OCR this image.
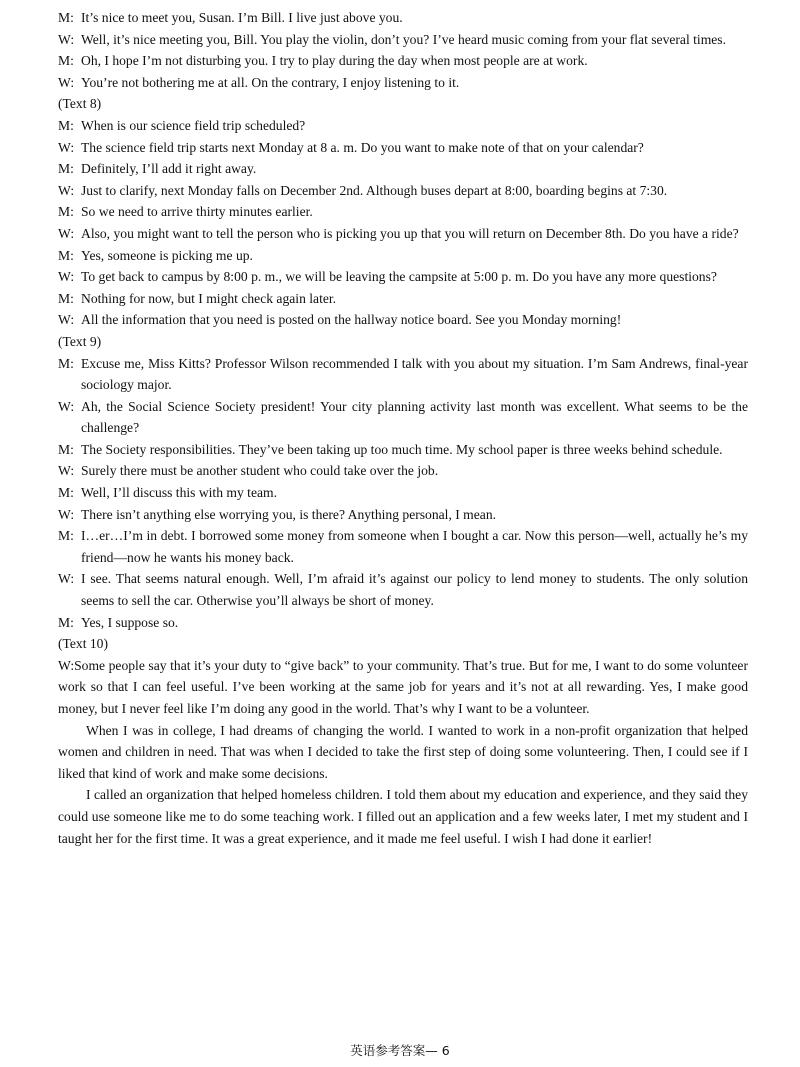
M: It’s nice to meet you, Susan. I’m Bill. I live just above you.
W: Well, it’s nice meeting you, Bill. You play the violin, don’t you? I’ve heard music coming from your flat several times.
M: Oh, I hope I’m not disturbing you. I try to play during the day when most people are at work.
W: You’re not bothering me at all. On the contrary, I enjoy listening to it.

(Text 8)

M: When is our science field trip scheduled?
W: The science field trip starts next Monday at 8 a. m. Do you want to make note of that on your calendar?
M: Definitely, I’ll add it right away.
W: Just to clarify, next Monday falls on December 2nd. Although buses depart at 8:00, boarding begins at 7:30.
M: So we need to arrive thirty minutes earlier.
W: Also, you might want to tell the person who is picking you up that you will return on December 8th. Do you have a ride?
M: Yes, someone is picking me up.
W: To get back to campus by 8:00 p. m., we will be leaving the campsite at 5:00 p. m. Do you have any more questions?
M: Nothing for now, but I might check again later.
W: All the information that you need is posted on the hallway notice board. See you Monday morning!

(Text 9)

M: Excuse me, Miss Kitts? Professor Wilson recommended I talk with you about my situation. I’m Sam Andrews, final-year sociology major.
W: Ah, the Social Science Society president! Your city planning activity last month was excellent. What seems to be the challenge?
M: The Society responsibilities. They’ve been taking up too much time. My school paper is three weeks behind schedule.
W: Surely there must be another student who could take over the job.
M: Well, I’ll discuss this with my team.
W: There isn’t anything else worrying you, is there? Anything personal, I mean.
M: I…er…I’m in debt. I borrowed some money from someone when I bought a car. Now this person—well, actually he’s my friend—now he wants his money back.
W: I see. That seems natural enough. Well, I’m afraid it’s against our policy to lend money to students. The only solution seems to sell the car. Otherwise you’ll always be short of money.
M: Yes, I suppose so.

(Text 10)

W:Some people say that it’s your duty to “give back” to your community. That’s true. But for me, I want to do some volunteer work so that I can feel useful. I’ve been working at the same job for years and it’s not at all rewarding. Yes, I make good money, but I never feel like I’m doing any good in the world. That’s why I want to be a volunteer.

When I was in college, I had dreams of changing the world. I wanted to work in a non-profit organization that helped women and children in need. That was when I decided to take the first step of doing some volunteering. Then, I could see if I liked that kind of work and make some decisions.

I called an organization that helped homeless children. I told them about my education and experience, and they said they could use someone like me to do some teaching work. I filled out an application and a few weeks later, I met my student and I taught her for the first time. It was a great experience, and it made me feel useful. I wish I had done it earlier!

英语参考答案— 6
